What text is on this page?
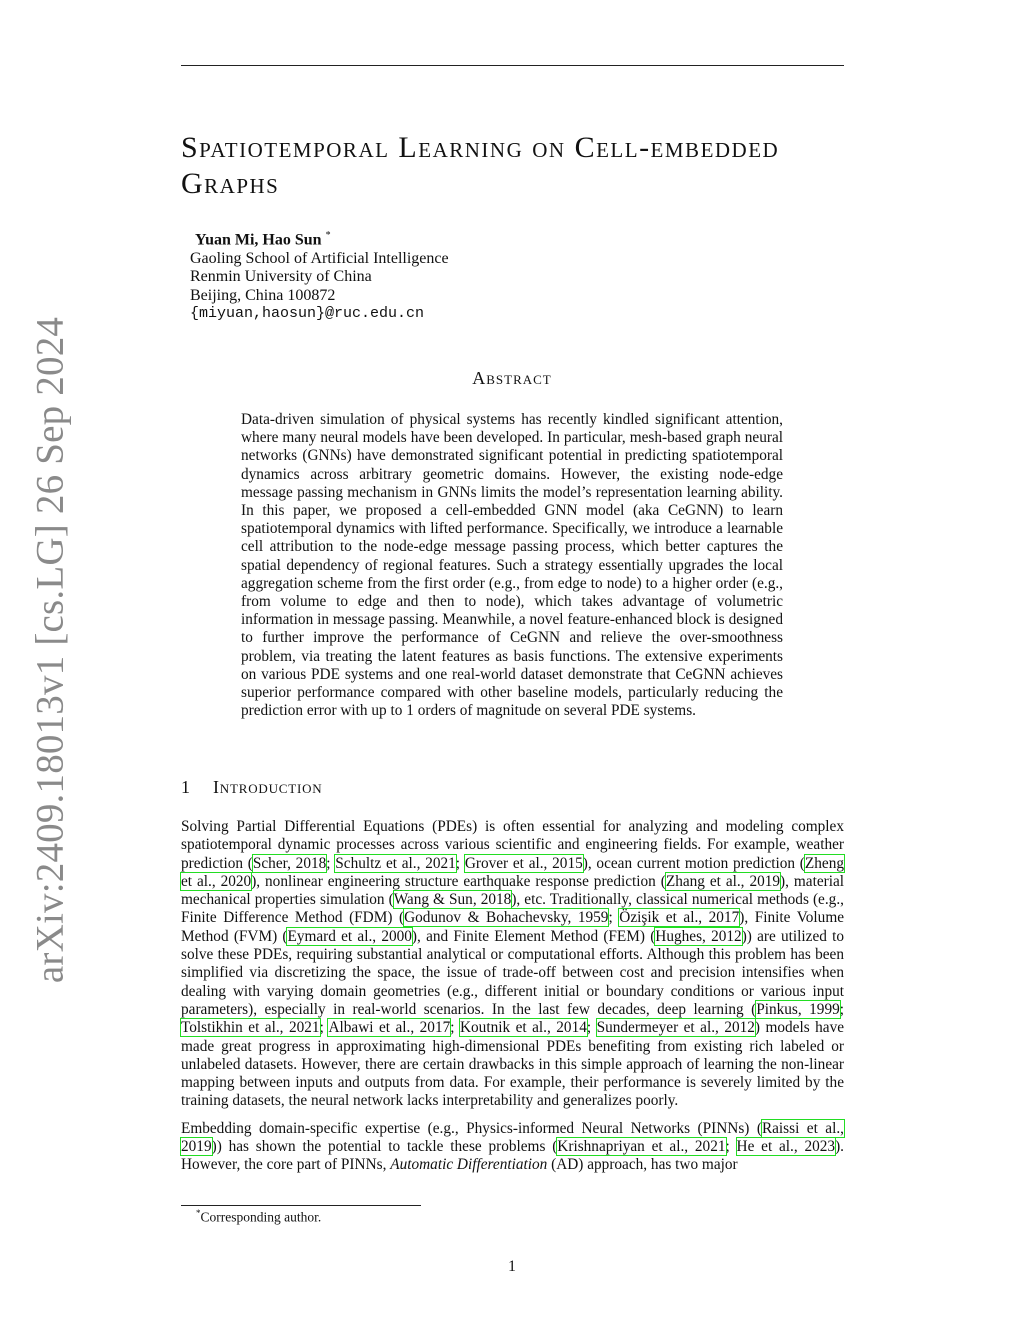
arXiv:2409.18013v1 [cs.LG] 26 Sep 2024
Spatiotemporal Learning on Cell-embedded Graphs
Yuan Mi, Hao Sun *
Gaoling School of Artificial Intelligence
Renmin University of China
Beijing, China 100872
{miyuan,haosun}@ruc.edu.cn
Abstract
Data-driven simulation of physical systems has recently kindled significant attention, where many neural models have been developed. In particular, mesh-based graph neural networks (GNNs) have demonstrated significant potential in predicting spatiotemporal dynamics across arbitrary geometric domains. However, the existing node-edge message passing mechanism in GNNs limits the model’s representation learning ability. In this paper, we proposed a cell-embedded GNN model (aka CeGNN) to learn spatiotemporal dynamics with lifted performance. Specifically, we introduce a learnable cell attribution to the node-edge message passing process, which better captures the spatial dependency of regional features. Such a strategy essentially upgrades the local aggregation scheme from the first order (e.g., from edge to node) to a higher order (e.g., from volume to edge and then to node), which takes advantage of volumetric information in message passing. Meanwhile, a novel feature-enhanced block is designed to further improve the performance of CeGNN and relieve the over-smoothness problem, via treating the latent features as basis functions. The extensive experiments on various PDE systems and one real-world dataset demonstrate that CeGNN achieves superior performance compared with other baseline models, particularly reducing the prediction error with up to 1 orders of magnitude on several PDE systems.
1 Introduction

Solving Partial Differential Equations (PDEs) is often essential for analyzing and modeling complex spatiotemporal dynamic processes across various scientific and engineering fields. For example, weather prediction (Scher, 2018; Schultz et al., 2021; Grover et al., 2015), ocean current motion prediction (Zheng et al., 2020), nonlinear engineering structure earthquake response prediction (Zhang et al., 2019), material mechanical properties simulation (Wang & Sun, 2018), etc. Traditionally, classical numerical methods (e.g., Finite Difference Method (FDM) (Godunov & Bohachevsky, 1959; Özişik et al., 2017), Finite Volume Method (FVM) (Eymard et al., 2000), and Finite Element Method (FEM) (Hughes, 2012)) are utilized to solve these PDEs, requiring substantial analytical or computational efforts. Although this problem has been simplified via discretizing the space, the issue of trade-off between cost and precision intensifies when dealing with varying domain geometries (e.g., different initial or boundary conditions or various input parameters), especially in real-world scenarios. In the last few decades, deep learning (Pinkus, 1999; Tolstikhin et al., 2021; Albawi et al., 2017; Koutnik et al., 2014; Sundermeyer et al., 2012) models have made great progress in approximating high-dimensional PDEs benefiting from existing rich labeled or unlabeled datasets. However, there are certain drawbacks in this simple approach of learning the non-linear mapping between inputs and outputs from data. For example, their performance is severely limited by the training datasets, the neural network lacks interpretability and generalizes poorly.

Embedding domain-specific expertise (e.g., Physics-informed Neural Networks (PINNs) (Raissi et al., 2019)) has shown the potential to tackle these problems (Krishnapriyan et al., 2021; He et al., 2023). However, the core part of PINNs, Automatic Differentiation (AD) approach, has two major

*Corresponding author.
1
